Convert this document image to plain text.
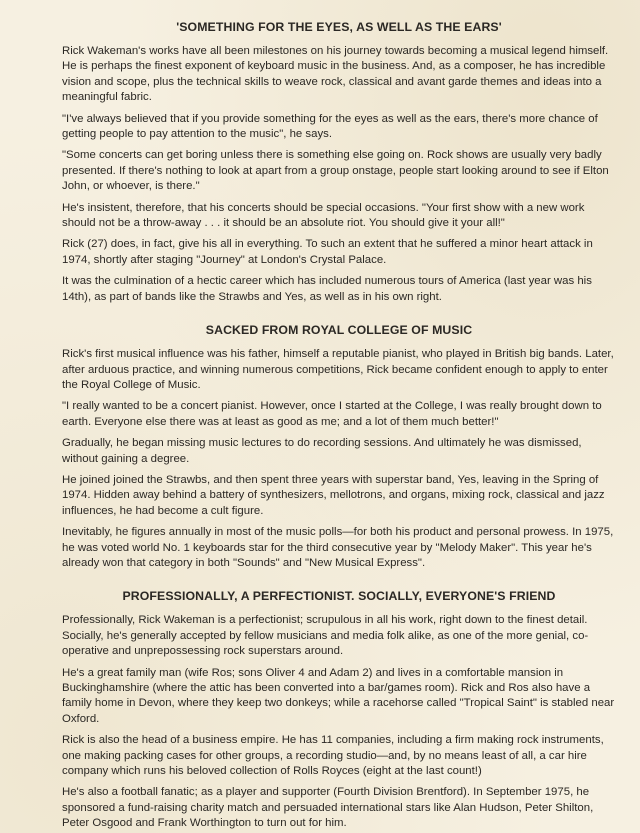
'SOMETHING FOR THE EYES, AS WELL AS THE EARS'

Rick Wakeman's works have all been milestones on his journey towards becoming a musical legend himself. He is perhaps the finest exponent of keyboard music in the business. And, as a composer, he has incredible vision and scope, plus the technical skills to weave rock, classical and avant garde themes and ideas into a meaningful fabric.

"I've always believed that if you provide something for the eyes as well as the ears, there's more chance of getting people to pay attention to the music", he says.

"Some concerts can get boring unless there is something else going on. Rock shows are usually very badly presented. If there's nothing to look at apart from a group onstage, people start looking around to see if Elton John, or whoever, is there."

He's insistent, therefore, that his concerts should be special occasions. "Your first show with a new work should not be a throw-away . . . it should be an absolute riot. You should give it your all!"

Rick (27) does, in fact, give his all in everything. To such an extent that he suffered a minor heart attack in 1974, shortly after staging "Journey" at London's Crystal Palace.

It was the culmination of a hectic career which has included numerous tours of America (last year was his 14th), as part of bands like the Strawbs and Yes, as well as in his own right.

SACKED FROM ROYAL COLLEGE OF MUSIC

Rick's first musical influence was his father, himself a reputable pianist, who played in British big bands. Later, after arduous practice, and winning numerous competitions, Rick became confident enough to apply to enter the Royal College of Music.

"I really wanted to be a concert pianist. However, once I started at the College, I was really brought down to earth. Everyone else there was at least as good as me; and a lot of them much better!"

Gradually, he began missing music lectures to do recording sessions. And ultimately he was dismissed, without gaining a degree.

He joined joined the Strawbs, and then spent three years with superstar band, Yes, leaving in the Spring of 1974. Hidden away behind a battery of synthesizers, mellotrons, and organs, mixing rock, classical and jazz influences, he had become a cult figure.

Inevitably, he figures annually in most of the music polls—for both his product and personal prowess. In 1975, he was voted world No. 1 keyboards star for the third consecutive year by "Melody Maker". This year he's already won that category in both "Sounds" and "New Musical Express".

PROFESSIONALLY, A PERFECTIONIST. SOCIALLY, EVERYONE'S FRIEND

Professionally, Rick Wakeman is a perfectionist; scrupulous in all his work, right down to the finest detail. Socially, he's generally accepted by fellow musicians and media folk alike, as one of the more genial, co-operative and unprepossessing rock superstars around.

He's a great family man (wife Ros; sons Oliver 4 and Adam 2) and lives in a comfortable mansion in Buckinghamshire (where the attic has been converted into a bar/games room). Rick and Ros also have a family home in Devon, where they keep two donkeys; while a racehorse called "Tropical Saint" is stabled near Oxford.

Rick is also the head of a business empire. He has 11 companies, including a firm making rock instruments, one making packing cases for other groups, a recording studio—and, by no means least of all, a car hire company which runs his beloved collection of Rolls Royces (eight at the last count!)

He's also a football fanatic; as a player and supporter (Fourth Division Brentford). In September 1975, he sponsored a fund-raising charity match and persuaded international stars like Alan Hudson, Peter Shilton, Peter Osgood and Frank Worthington to turn out for him.
